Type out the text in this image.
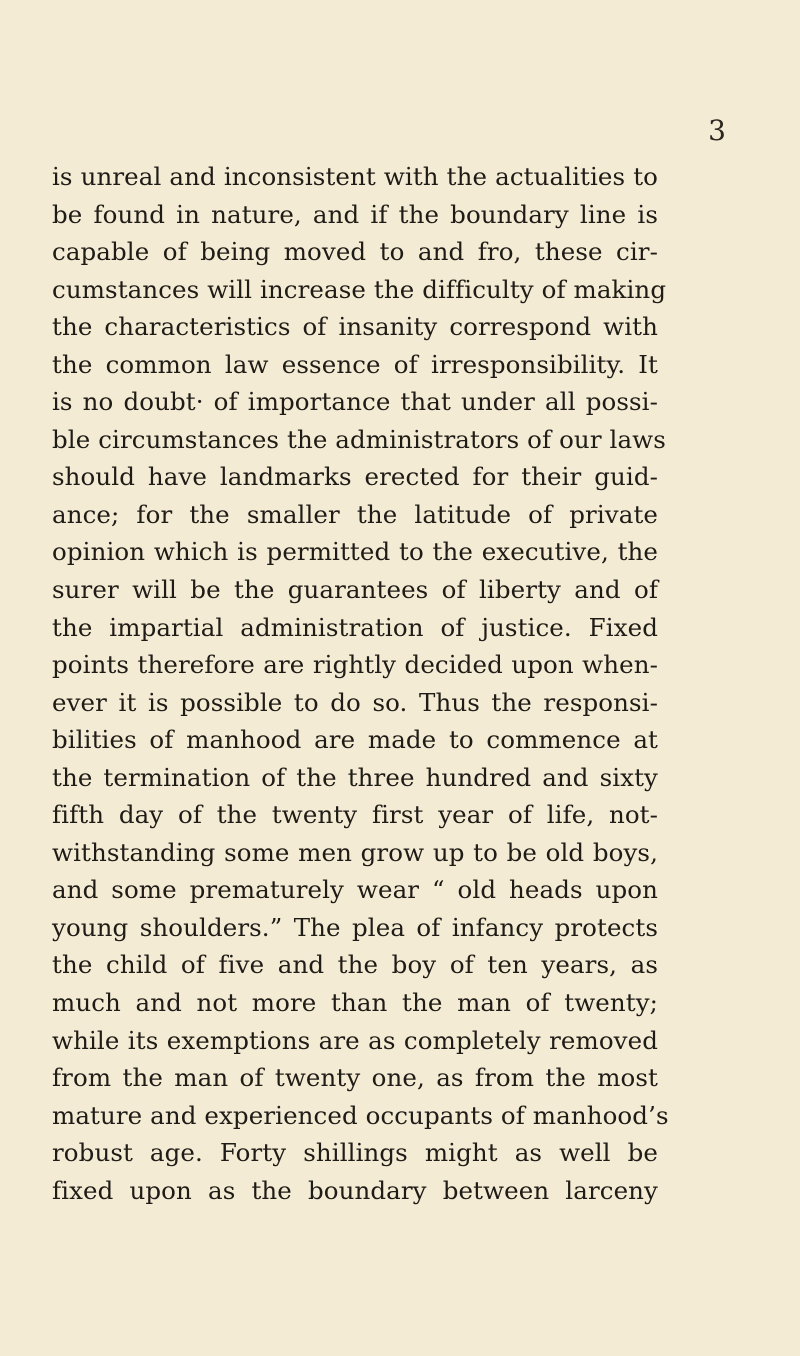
3
is unreal and inconsistent with the actualities to
be found in nature, and if the boundary line is
capable of being moved to and fro, these cir-
cumstances will increase the difficulty of making
the characteristics of insanity correspond with
the common law essence of irresponsibility. It
is no doubt· of importance that under all possi-
ble circumstances the administrators of our laws
should have landmarks erected for their guid-
ance; for the smaller the latitude of private
opinion which is permitted to the executive, the
surer will be the guarantees of liberty and of
the impartial administration of justice. Fixed
points therefore are rightly decided upon when-
ever it is possible to do so. Thus the responsi-
bilities of manhood are made to commence at
the termination of the three hundred and sixty
fifth day of the twenty first year of life, not-
withstanding some men grow up to be old boys,
and some prematurely wear “ old heads upon
young shoulders.” The plea of infancy protects
the child of five and the boy of ten years, as
much and not more than the man of twenty;
while its exemptions are as completely removed
from the man of twenty one, as from the most
mature and experienced occupants of manhood’s
robust age. Forty shillings might as well be
fixed upon as the boundary between larceny
